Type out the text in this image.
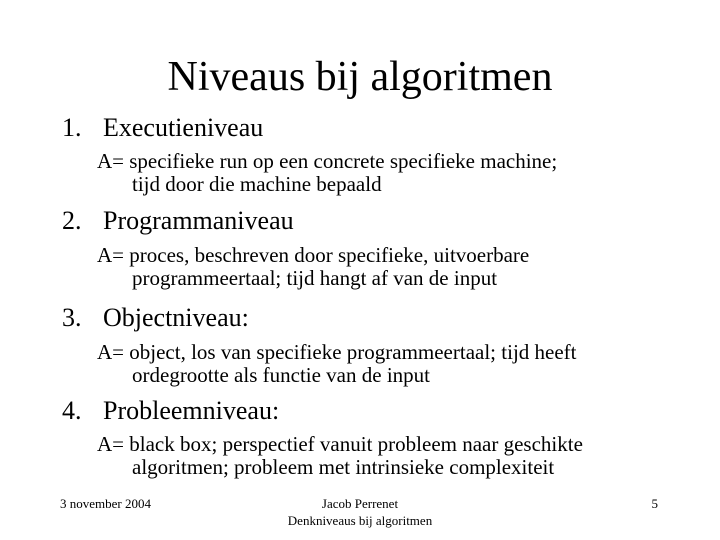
Niveaus bij algoritmen
1. Executieniveau
A= specifieke run op een concrete specifieke machine;
tijd door die machine bepaald
2. Programmaniveau
A= proces, beschreven door specifieke, uitvoerbare
programmeertaal; tijd hangt af van de input
3. Objectniveau:
A= object, los van specifieke programmeertaal; tijd heeft
ordegrootte als functie van de input
4. Probleemniveau:
A= black box; perspectief vanuit probleem naar geschikte
algoritmen; probleem met intrinsieke complexiteit
3 november 2004	Jacob Perrenet
Denkniveaus bij algoritmen
5
